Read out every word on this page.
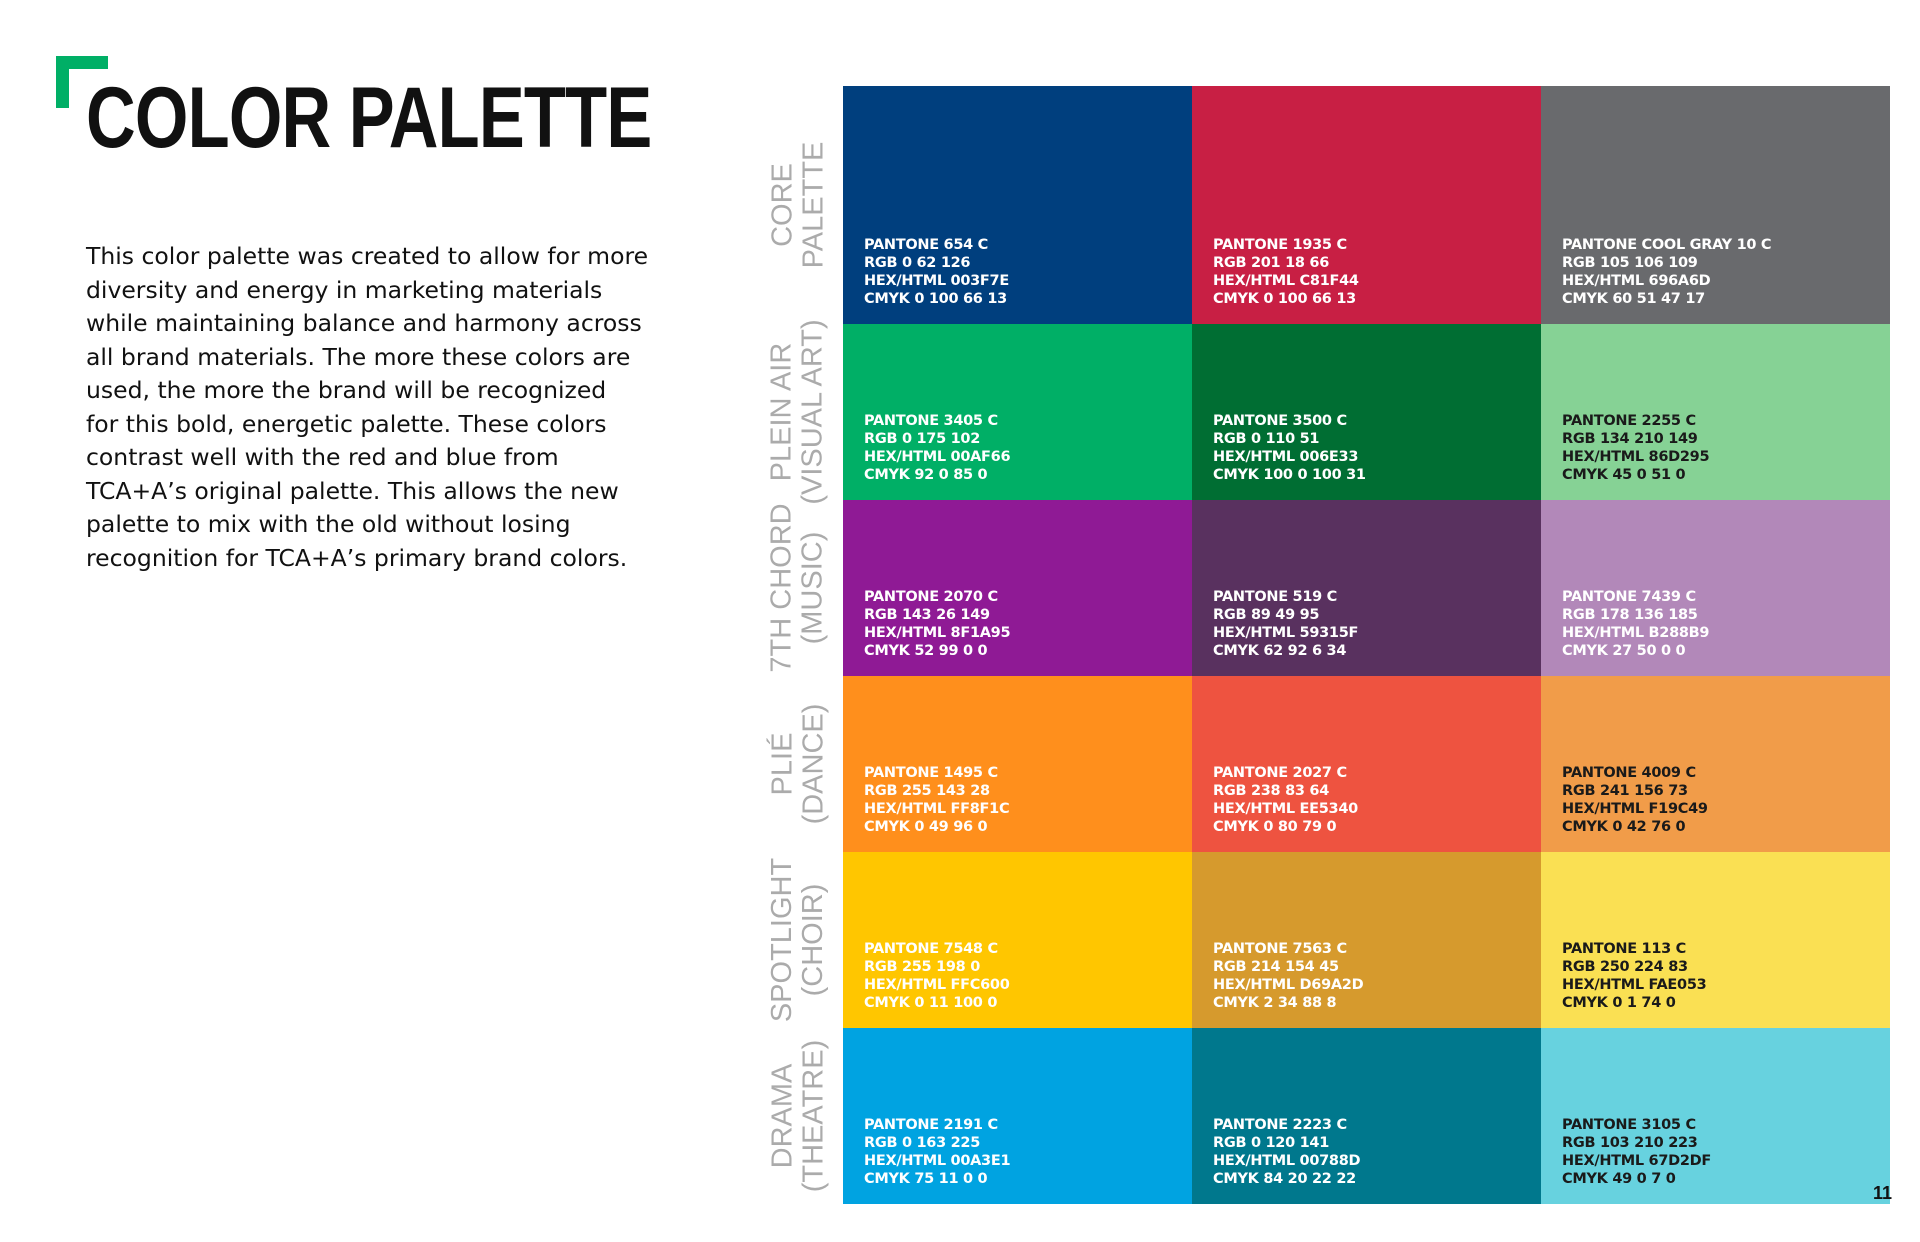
COLOR PALETTE
This color palette was created to allow for more
diversity and energy in marketing materials
while maintaining balance and harmony across
all brand materials. The more these colors are
used, the more the brand will be recognized
for this bold, energetic palette. These colors
contrast well with the red and blue from
TCA+A’s original palette. This allows the new
palette to mix with the old without losing
recognition for TCA+A’s primary brand colors.
CORE PALETTE
PLEIN AIR (VISUAL ART)
7TH CHORD (MUSIC)
PLIÉ (DANCE)
SPOTLIGHT (CHOIR)
DRAMA (THEATRE)
PANTONE 654 C
RGB 0 62 126
HEX/HTML 003F7E
CMYK 0 100 66 13
PANTONE 1935 C
RGB 201 18 66
HEX/HTML C81F44
CMYK 0 100 66 13
PANTONE COOL GRAY 10 C
RGB 105 106 109
HEX/HTML 696A6D
CMYK 60 51 47 17
PANTONE 3405 C
RGB 0 175 102
HEX/HTML 00AF66
CMYK 92 0 85 0
PANTONE 3500 C
RGB 0 110 51
HEX/HTML 006E33
CMYK 100 0 100 31
PANTONE 2255 C
RGB 134 210 149
HEX/HTML 86D295
CMYK 45 0 51 0
PANTONE 2070 C
RGB 143 26 149
HEX/HTML 8F1A95
CMYK 52 99 0 0
PANTONE 519 C
RGB 89 49 95
HEX/HTML 59315F
CMYK 62 92 6 34
PANTONE 7439 C
RGB 178 136 185
HEX/HTML B288B9
CMYK 27 50 0 0
PANTONE 1495 C
RGB 255 143 28
HEX/HTML FF8F1C
CMYK 0 49 96 0
PANTONE 2027 C
RGB 238 83 64
HEX/HTML EE5340
CMYK 0 80 79 0
PANTONE 4009 C
RGB 241 156 73
HEX/HTML F19C49
CMYK 0 42 76 0
PANTONE 7548 C
RGB 255 198 0
HEX/HTML FFC600
CMYK 0 11 100 0
PANTONE 7563 C
RGB 214 154 45
HEX/HTML D69A2D
CMYK 2 34 88 8
PANTONE 113 C
RGB 250 224 83
HEX/HTML FAE053
CMYK 0 1 74 0
PANTONE 2191 C
RGB 0 163 225
HEX/HTML 00A3E1
CMYK 75 11 0 0
PANTONE 2223 C
RGB 0 120 141
HEX/HTML 00788D
CMYK 84 20 22 22
PANTONE 3105 C
RGB 103 210 223
HEX/HTML 67D2DF
CMYK 49 0 7 0
11
